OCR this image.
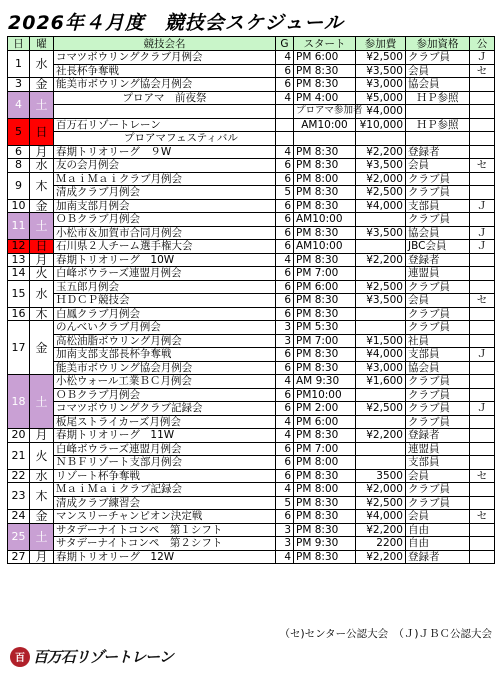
2026年４月度　競技会スケジュール
日	曜	競技会名	G	スタート	参加費	参加資格	公
1	水	コマツボウリングクラブ月例会	4	PM 6:00	¥2,500	クラブ員	Ｊ
		社長杯争奪戦	6	PM 8:30	¥3,500	会員	セ
3	金	能美市ボウリング協会月例会	6	PM 8:30	¥3,000	協会員	
4	土	プロアマ　前夜祭	4	PM 4:00	¥5,000	ＨＰ参照	
				プロアマ参加者	¥4,000		
5	日	百万石リゾートレーン		AM10:00	¥10,000	ＨＰ参照	
		プロアマフェスティバル					
6	月	春期トリオリーグ　９W	4	PM 8:30	¥2,200	登録者	
8	水	友の会月例会	6	PM 8:30	¥3,500	会員	セ
9	木	ＭａｉＭａｉクラブ月例会	6	PM 8:00	¥2,000	クラブ員	
		清成クラブ月例会	5	PM 8:30	¥2,500	クラブ員	
10	金	加南支部月例会	6	PM 8:30	¥4,000	支部員	Ｊ
11	土	ＯＢクラブ月例会	6	AM10:00		クラブ員	
		小松市＆加賀市合同月例会	6	PM 8:30	¥3,500	協会員	Ｊ
12	日	石川県２人チーム選手権大会	6	AM10:00		JBC会員	Ｊ
13	月	春期トリオリーグ　10W	4	PM 8:30	¥2,200	登録者	
14	火	白峰ボウラーズ連盟月例会	6	PM 7:00		連盟員	
15	水	玉五郎月例会	6	PM 6:00	¥2,500	クラブ員	
		ＨＤＣＰ競技会	6	PM 8:30	¥3,500	会員	セ
16	木	白鳳クラブ月例会	6	PM 8:30		クラブ員	
17	金	のんべいクラブ月例会	3	PM 5:30		クラブ員	
		高松油脂ボウリング月例会	3	PM 7:00	¥1,500	社員	
		加南支部支部長杯争奪戦	6	PM 8:30	¥4,000	支部員	Ｊ
		能美市ボウリング協会月例会	6	PM 8:30	¥3,000	協会員	
18	土	小松ウォール工業ＢＣ月例会	4	AM 9:30	¥1,600	クラブ員	
		ＯＢクラブ月例会	6	PM10:00		クラブ員	
		コマツボウリングクラブ記録会	6	PM 2:00	¥2,500	クラブ員	Ｊ
		板尾ストライカーズ月例会	4	PM 6:00		クラブ員	
20	月	春期トリオリーグ　11W	4	PM 8:30	¥2,200	登録者	
21	火	白峰ボウラーズ連盟月例会	6	PM 7:00		連盟員	
		ＮＢＦリゾート支部月例会	6	PM 8:00		支部員	
22	水	リゾート杯争奪戦	6	PM 8:30	3500	会員	セ
23	木	ＭａｉＭａｉクラブ記録会	4	PM 8:00	¥2,000	クラブ員	
		清成クラブ練習会	5	PM 8:30	¥2,500	クラブ員	
24	金	マンスリーチャンピオン決定戦	6	PM 8:30	¥4,000	会員	セ
25	土	サタデーナイトコンペ　第１シフト	3	PM 8:30	¥2,200	自由	
		サタデーナイトコンペ　第２シフト	3	PM 9:30	2200	自由	
27	月	春期トリオリーグ　12W	4	PM 8:30	¥2,200	登録者	
（セ)センター公認大会　（Ｊ)ＪＢＣ公認大会
百 百万石リゾートレーン
